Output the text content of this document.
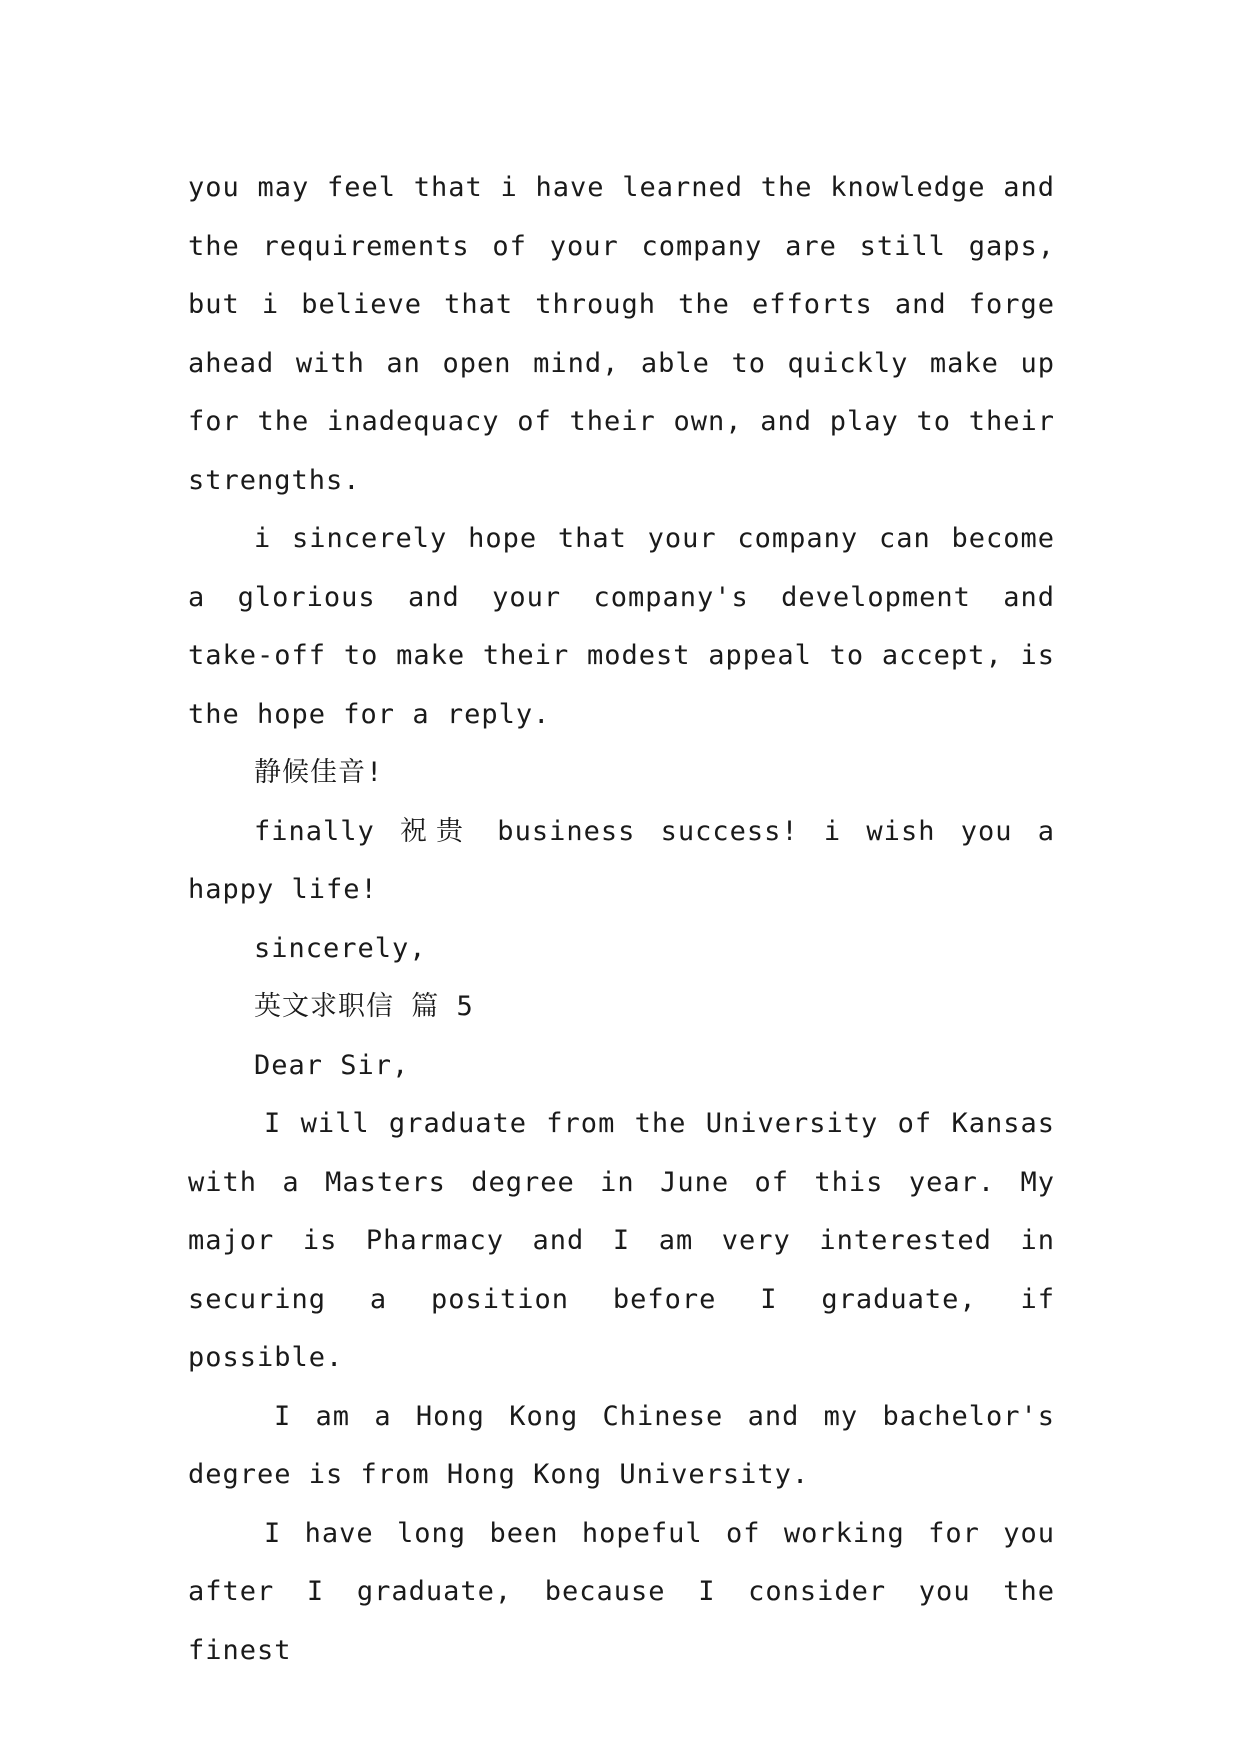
you may feel that i have learned the knowledge and the requirements of your company are still gaps, but i believe that through the efforts and forge ahead with an open mind, able to quickly make up for the inadequacy of their own, and play to their strengths.

i sincerely hope that your company can become a glorious and your company's development and take-off to make their modest appeal to accept, is the hope for a reply.

静候佳音!

finally 祝贵 business success! i wish you a happy life!

sincerely,

英文求职信 篇 5

Dear Sir,

I will graduate from the University of Kansas with a Masters degree in June of this year. My major is Pharmacy and I am very interested in securing a position before I graduate, if possible.

I am a Hong Kong Chinese and my bachelor's degree is from Hong Kong University.

I have long been hopeful of working for you after I graduate, because I consider you the finest
